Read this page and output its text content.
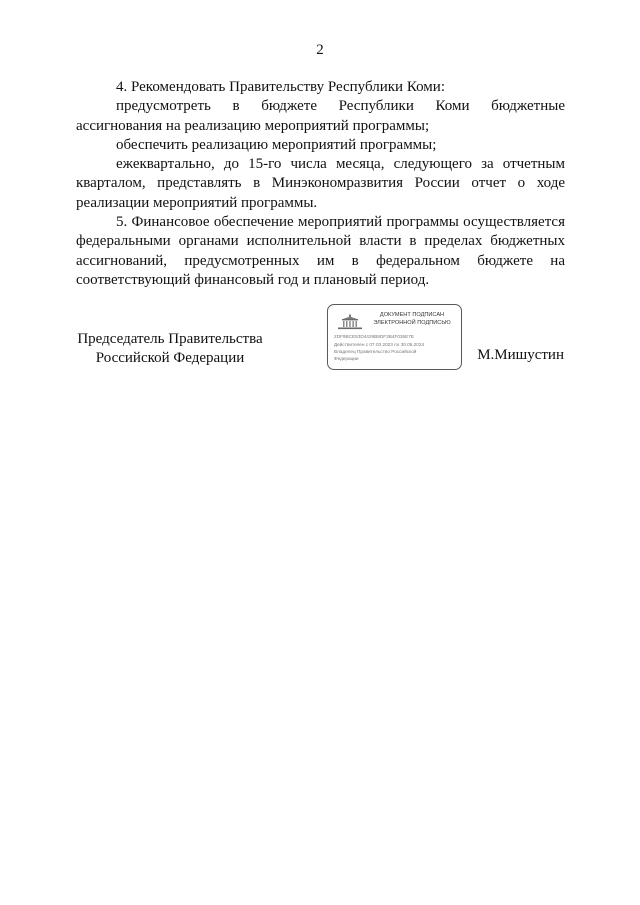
2

4. Рекомендовать Правительству Республики Коми:

предусмотреть в бюджете Республики Коми бюджетные ассигнования на реализацию мероприятий программы;

обеспечить реализацию мероприятий программы;

ежеквартально, до 15-го числа месяца, следующего за отчетным кварталом, представлять в Минэкономразвития России отчет о ходе реализации мероприятий программы.

5. Финансовое обеспечение мероприятий программы осуществляется федеральными органами исполнительной власти в пределах бюджетных ассигнований, предусмотренных им в федеральном бюджете на соответствующий финансовый год и плановый период.

Председатель Правительства
Российской Федерации
ДОКУМЕНТ ПОДПИСАН
ЭЛЕКТРОННОЙ ПОДПИСЬЮ
2DF9BCE53D4429B8DF3B4F036E7E
Действителен с 07.03.2023 по 30.05.2024
Владелец Правительство Российской
Федерации	М.Мишустин
